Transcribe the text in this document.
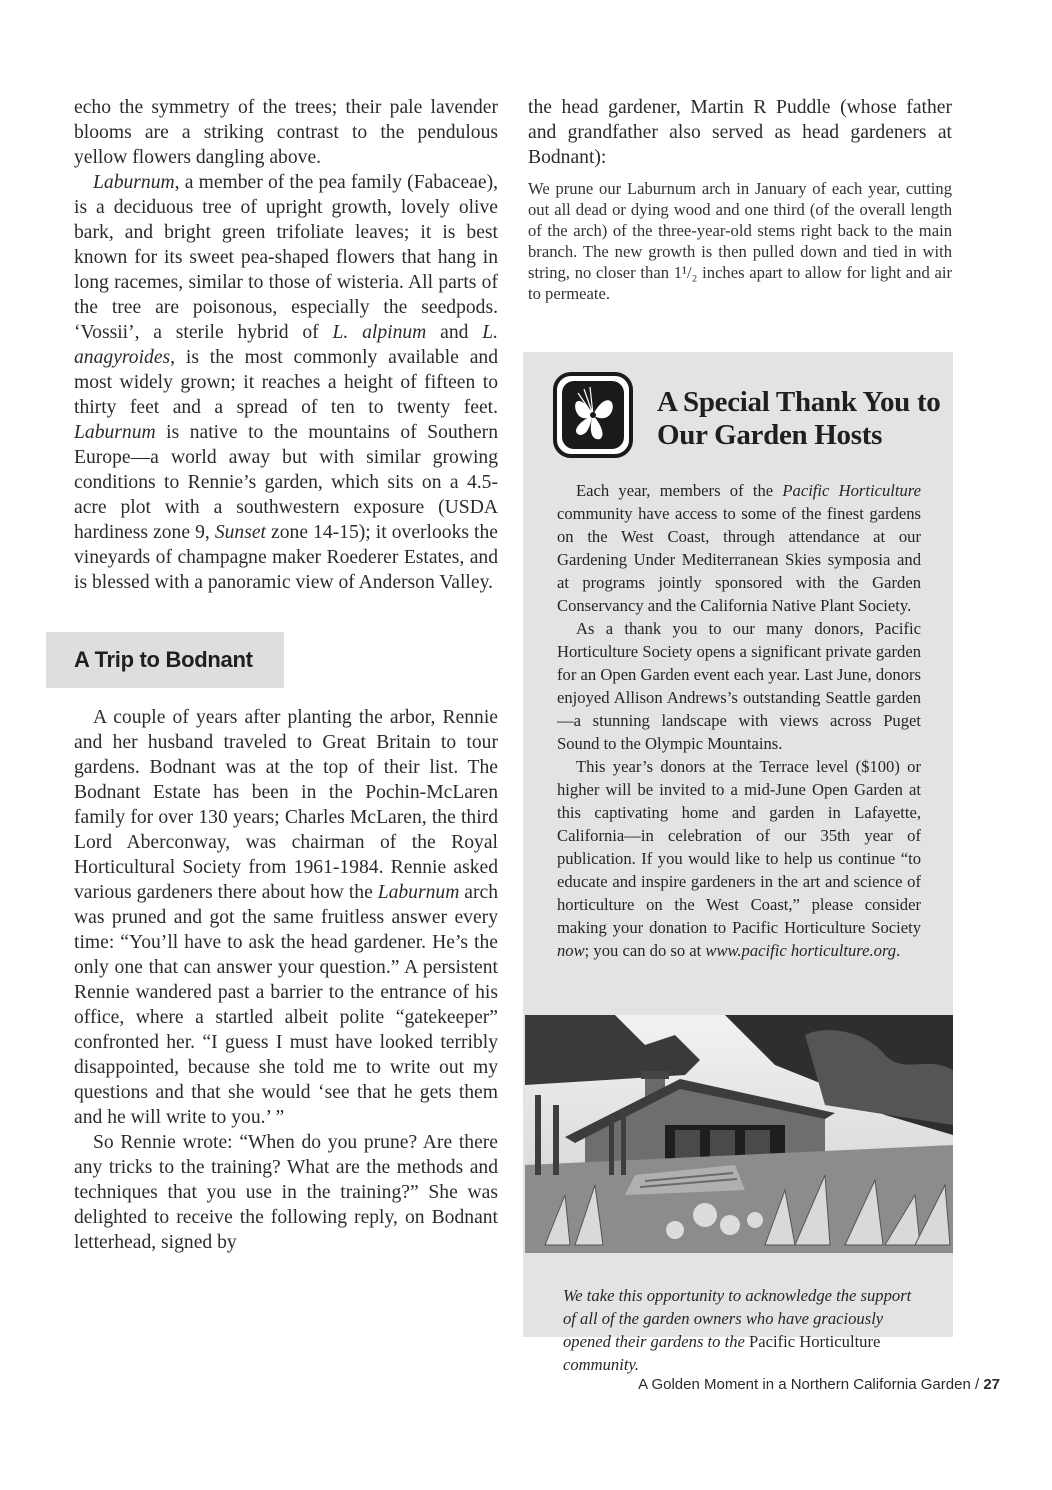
echo the symmetry of the trees; their pale lavender blooms are a striking contrast to the pendulous yellow flowers dangling above.

Laburnum, a member of the pea family (Fabaceae), is a deciduous tree of upright growth, lovely olive bark, and bright green trifoliate leaves; it is best known for its sweet pea-shaped flowers that hang in long racemes, similar to those of wisteria. All parts of the tree are poisonous, especially the seedpods. ‘Vossii’, a sterile hybrid of L. alpinum and L. anagyroides, is the most commonly available and most widely grown; it reaches a height of fifteen to thirty feet and a spread of ten to twenty feet. Laburnum is native to the mountains of Southern Europe—a world away but with similar growing conditions to Rennie’s garden, which sits on a 4.5-acre plot with a southwestern exposure (USDA hardiness zone 9, Sunset zone 14-15); it overlooks the vineyards of champagne maker Roederer Estates, and is blessed with a panoramic view of Anderson Valley.

A Trip to Bodnant

A couple of years after planting the arbor, Rennie and her husband traveled to Great Britain to tour gardens. Bodnant was at the top of their list. The Bodnant Estate has been in the Pochin-McLaren family for over 130 years; Charles McLaren, the third Lord Aberconway, was chairman of the Royal Horticultural Society from 1961-1984. Rennie asked various gardeners there about how the Laburnum arch was pruned and got the same fruitless answer every time: “You’ll have to ask the head gardener. He’s the only one that can answer your question.” A persistent Rennie wandered past a barrier to the entrance of his office, where a startled albeit polite “gatekeeper” confronted her. “I guess I must have looked terribly disappointed, because she told me to write out my questions and that she would ‘see that he gets them and he will write to you.’ ”

So Rennie wrote: “When do you prune? Are there any tricks to the training? What are the methods and techniques that you use in the training?” She was delighted to receive the following reply, on Bodnant letterhead, signed by

the head gardener, Martin R Puddle (whose father and grandfather also served as head gardeners at Bodnant):

We prune our Laburnum arch in January of each year, cutting out all dead or dying wood and one third (of the overall length of the arch) of the three-year-old stems right back to the main branch. The new growth is then pulled down and tied in with string, no closer than 1¹/₂ inches apart to allow for light and air to permeate.

A Special Thank You to Our Garden Hosts

Each year, members of the Pacific Horticulture community have access to some of the finest gardens on the West Coast, through attendance at our Gardening Under Mediterranean Skies symposia and at programs jointly sponsored with the Garden Conservancy and the California Native Plant Society.

As a thank you to our many donors, Pacific Horticulture Society opens a significant private garden for an Open Garden event each year. Last June, donors enjoyed Allison Andrews’s outstanding Seattle garden—a stunning landscape with views across Puget Sound to the Olympic Mountains.

This year’s donors at the Terrace level ($100) or higher will be invited to a mid-June Open Garden at this captivating home and garden in Lafayette, California—in celebration of our 35th year of publication. If you would like to help us continue “to educate and inspire gardeners in the art and science of horticulture on the West Coast,” please consider making your donation to Pacific Horticulture Society now; you can do so at www.pacific horticulture.org.

We take this opportunity to acknowledge the support of all of the garden owners who have graciously opened their gardens to the Pacific Horticulture community.

A Golden Moment in a Northern California Garden / 27
